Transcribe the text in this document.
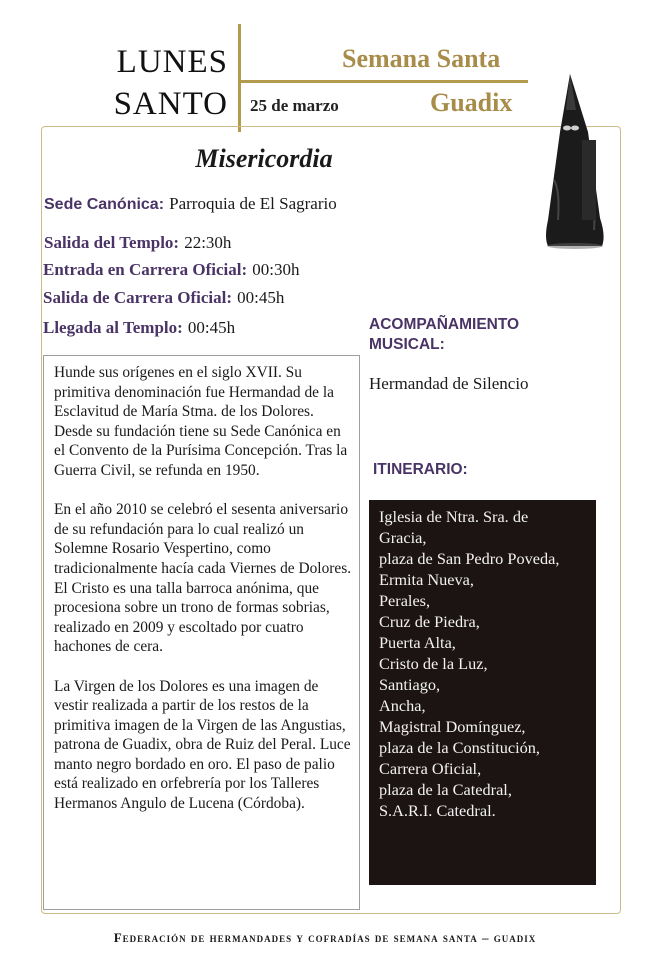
LUNES
SANTO
Semana Santa
25 de marzo	Guadix
Misericordia
Sede Canónica: Parroquia de El Sagrario
Salida del Templo: 22:30h
Entrada en Carrera Oficial: 00:30h
Salida de Carrera Oficial: 00:45h
Llegada al Templo: 00:45h

Hunde sus orígenes en el siglo XVII. Su primitiva denominación fue Hermandad de la Esclavitud de María Stma. de los Dolores. Desde su fundación tiene su Sede Canónica en el Convento de la Purísima Concepción. Tras la Guerra Civil, se refunda en 1950.

En el año 2010 se celebró el sesenta aniversario de su refundación para lo cual realizó un Solemne Rosario Vespertino, como tradicionalmente hacía cada Viernes de Dolores.

El Cristo es una talla barroca anónima, que procesiona sobre un trono de formas sobrias, realizado en 2009 y escoltado por cuatro hachones de cera.

La Virgen de los Dolores es una imagen de vestir realizada a partir de los restos de la primitiva imagen de la Virgen de las Angustias, patrona de Guadix, obra de Ruiz del Peral. Luce manto negro bordado en oro. El paso de palio está realizado en orfebrería por los Talleres Hermanos Angulo de Lucena (Córdoba).

ACOMPAÑAMIENTO
MUSICAL:
Hermandad de Silencio
ITINERARIO:
Iglesia de Ntra. Sra. de
Gracia,
plaza de San Pedro Poveda,
Ermita Nueva,
Perales,
Cruz de Piedra,
Puerta Alta,
Cristo de la Luz,
Santiago,
Ancha,
Magistral Domínguez,
plaza de la Constitución,
Carrera Oficial,
plaza de la Catedral,
S.A.R.I. Catedral.
Federación de hermandades y cofradías de semana santa – guadix
